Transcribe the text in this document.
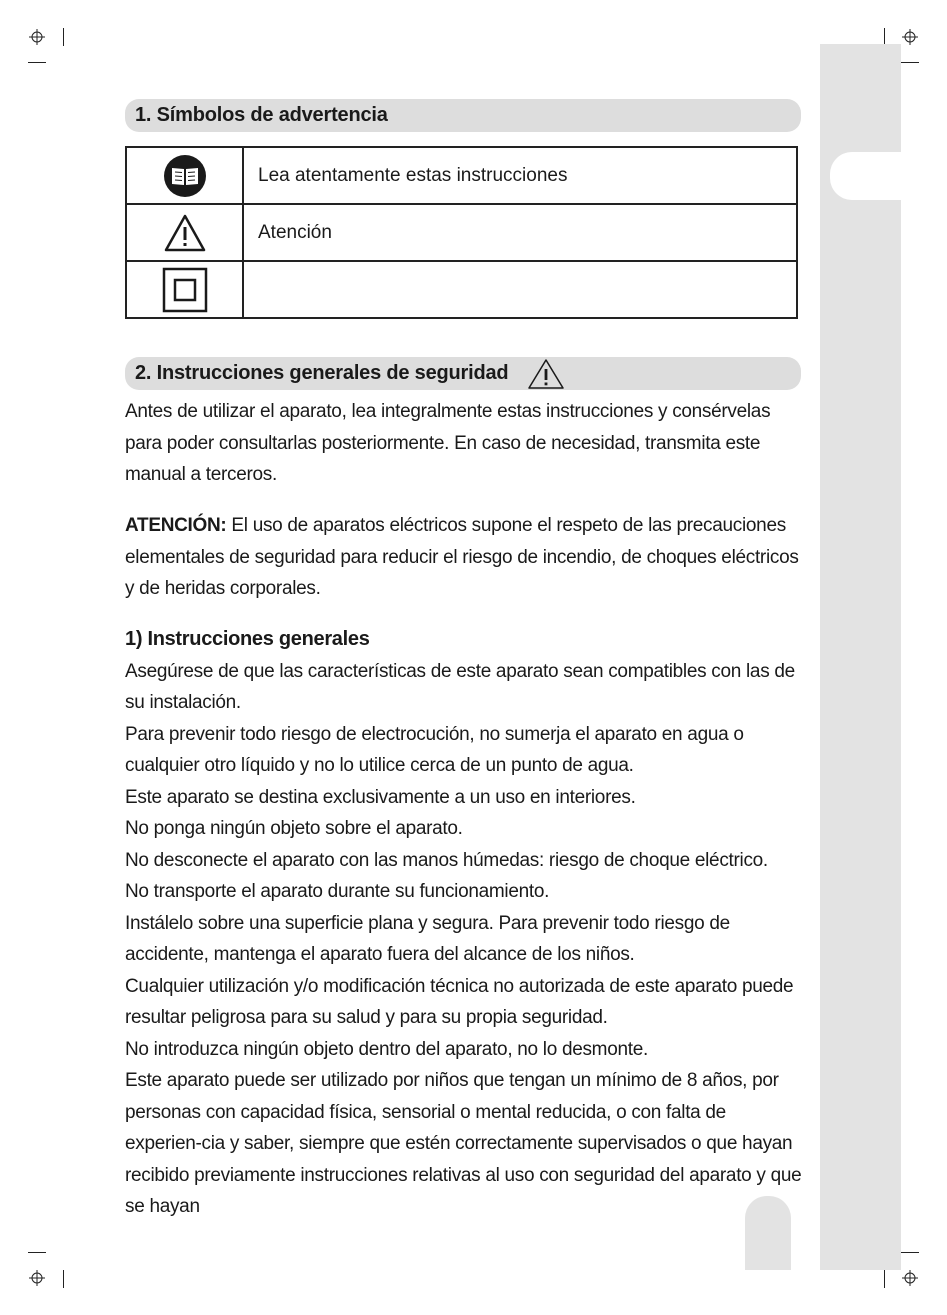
1. Símbolos de advertencia
	Lea atentamente estas instrucciones

	Atención

2. Instrucciones generales de seguridad

Antes de utilizar el aparato, lea integralmente estas instrucciones y consérvelas para poder consultarlas posteriormente. En caso de necesidad, transmita este manual a terceros.

ATENCIÓN: El uso de aparatos eléctricos supone el respeto de las precauciones elementales de seguridad para reducir el riesgo de incendio, de choques eléctricos y de heridas corporales.

1) Instrucciones generales

Asegúrese de que las características de este aparato sean compatibles con las de su instalación.

Para prevenir todo riesgo de electrocución, no sumerja el aparato en agua o cualquier otro líquido y no lo utilice cerca de un punto de agua.

Este aparato se destina exclusivamente a un uso en interiores.

No ponga ningún objeto sobre el aparato.

No desconecte el aparato con las manos húmedas: riesgo de choque eléctrico.

No transporte el aparato durante su funcionamiento.

Instálelo sobre una superficie plana y segura. Para prevenir todo riesgo de accidente, mantenga el aparato fuera del alcance de los niños.

Cualquier utilización y/o modificación técnica no autorizada de este aparato puede resultar peligrosa para su salud y para su propia seguridad.

No introduzca ningún objeto dentro del aparato, no lo desmonte.

Este aparato puede ser utilizado por niños que tengan un mínimo de 8 años, por personas con capacidad física, sensorial o mental reducida, o con falta de experien-cia y saber, siempre que estén correctamente supervisados o que hayan recibido previamente instrucciones relativas al uso con seguridad del aparato y que se hayan
